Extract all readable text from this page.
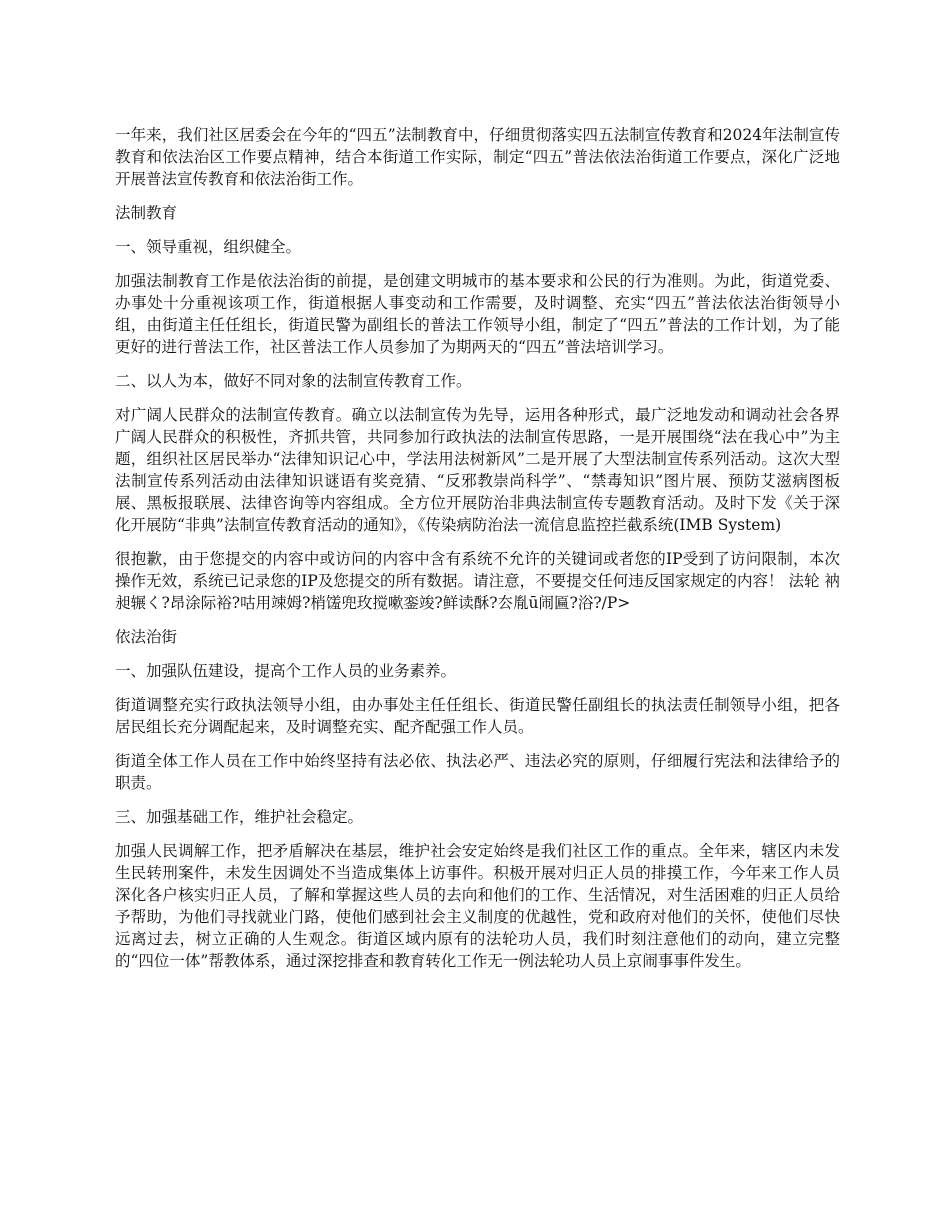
一年来，我们社区居委会在今年的“四五”法制教育中，仔细贯彻落实四五法制宣传教育和2024年法制宣传教育和依法治区工作要点精神，结合本街道工作实际，制定“四五”普法依法治街道工作要点，深化广泛地开展普法宣传教育和依法治街工作。

法制教育

一、领导重视，组织健全。

加强法制教育工作是依法治街的前提，是创建文明城市的基本要求和公民的行为准则。为此，街道党委、办事处十分重视该项工作，街道根据人事变动和工作需要，及时调整、充实“四五”普法依法治街领导小组，由街道主任任组长，街道民警为副组长的普法工作领导小组，制定了“四五”普法的工作计划，为了能更好的进行普法工作，社区普法工作人员参加了为期两天的“四五”普法培训学习。

二、以人为本，做好不同对象的法制宣传教育工作。

对广阔人民群众的法制宣传教育。确立以法制宣传为先导，运用各种形式，最广泛地发动和调动社会各界广阔人民群众的积极性，齐抓共管，共同参加行政执法的法制宣传思路，一是开展围绕“法在我心中”为主题，组织社区居民举办“法律知识记心中，学法用法树新风”二是开展了大型法制宣传系列活动。这次大型法制宣传系列活动由法律知识谜语有奖竞猜、“反邪教崇尚科学”、“禁毒知识”图片展、预防艾滋病图板展、黑板报联展、法律咨询等内容组成。全方位开展防治非典法制宣传专题教育活动。及时下发《关于深化开展防“非典”法制宣传教育活动的通知》，《传染病防治法一流信息监控拦截系统(IMB System)

很抱歉，由于您提交的内容中或访问的内容中含有系统不允许的关键词或者您的IP受到了访问限制，本次操作无效，系统已记录您的IP及您提交的所有数据。请注意，不要提交任何违反国家规定的内容！ 法轮 衲昶辗く?昂涂际裕?咕用竦姆?梢馐兜玫搅嗽銮竣?鲜读酥?厺胤ū闹匾?浴?/P>

依法治街

一、加强队伍建设，提高个工作人员的业务素养。

街道调整充实行政执法领导小组，由办事处主任任组长、街道民警任副组长的执法责任制领导小组，把各居民组长充分调配起来，及时调整充实、配齐配强工作人员。

街道全体工作人员在工作中始终坚持有法必依、执法必严、违法必究的原则，仔细履行宪法和法律给予的职责。

三、加强基础工作，维护社会稳定。

加强人民调解工作，把矛盾解决在基层，维护社会安定始终是我们社区工作的重点。全年来，辖区内未发生民转刑案件，未发生因调处不当造成集体上访事件。积极开展对归正人员的排摸工作，今年来工作人员深化各户核实归正人员，了解和掌握这些人员的去向和他们的工作、生活情况，对生活困难的归正人员给予帮助，为他们寻找就业门路，使他们感到社会主义制度的优越性，党和政府对他们的关怀，使他们尽快远离过去，树立正确的人生观念。街道区域内原有的法轮功人员，我们时刻注意他们的动向，建立完整的“四位一体”帮教体系，通过深挖排查和教育转化工作无一例法轮功人员上京闹事事件发生。
